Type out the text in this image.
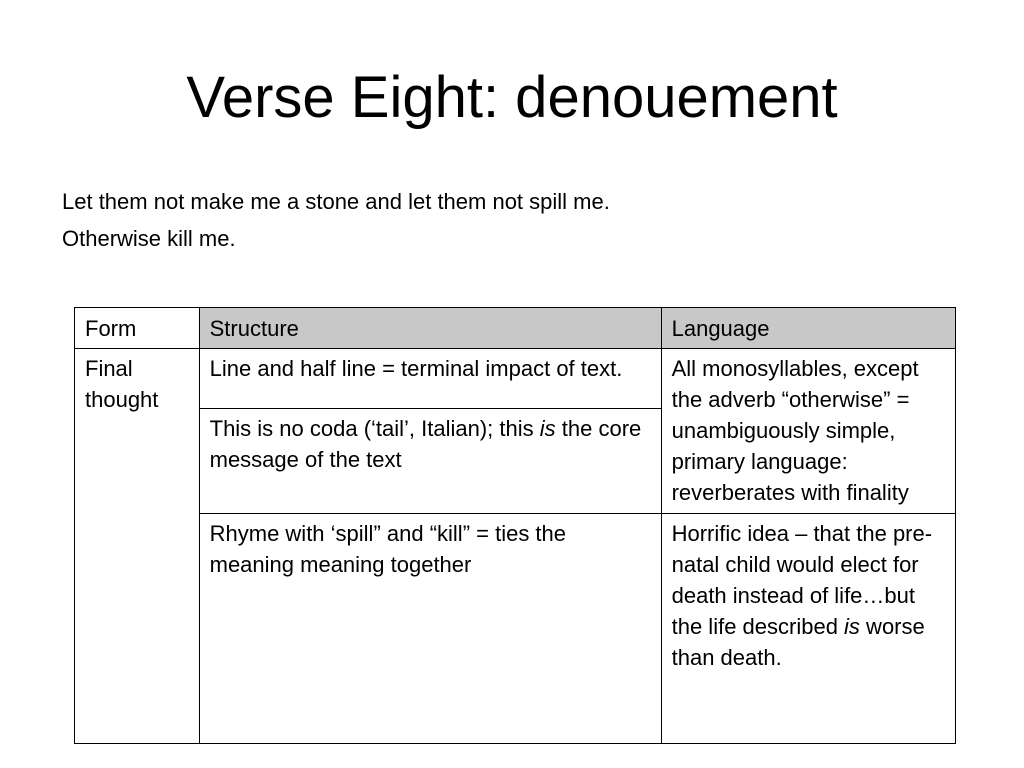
Verse Eight: denouement
Let them not make me a stone and let them not spill me.
Otherwise kill me.
Form	Structure	Language
Final thought	Line and half line = terminal impact of text.	All monosyllables, except the adverb “otherwise” = unambiguously simple, primary language: reverberates with finality
	This is no coda (‘tail’, Italian); this is the core message of the text	
	Rhyme with ‘spill” and “kill” = ties the meaning meaning together	Horrific idea – that the pre-natal child would elect for death instead of life…but the life described is worse than death.
